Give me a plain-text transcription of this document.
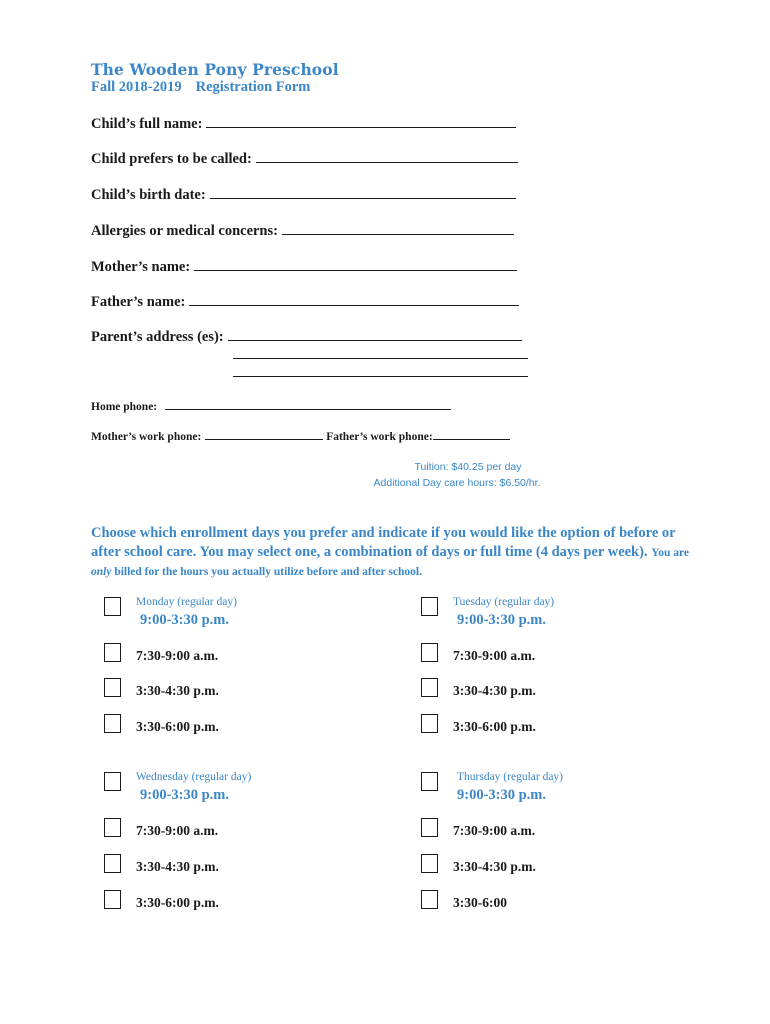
The Wooden Pony Preschool
Fall 2018-2019 Registration Form
Child’s full name:
Child prefers to be called:
Child’s birth date:
Allergies or medical concerns:
Mother’s name:
Father’s name:
Parent’s address (es):
Home phone:
Mother’s work phone:	Father’s work phone:
Tuition: $40.25 per day
Additional Day care hours: $6.50/hr.
Choose which enrollment days you prefer and indicate if you would like the option of before or after school care. You may select one, a combination of days or full time (4 days per week). You are only billed for the hours you actually utilize before and after school.
Monday (regular day)
9:00-3:30 p.m.
7:30-9:00 a.m.
3:30-4:30 p.m.
3:30-6:00 p.m.
Tuesday (regular day)
9:00-3:30 p.m.
7:30-9:00 a.m.
3:30-4:30 p.m.
3:30-6:00 p.m.
Wednesday (regular day)
9:00-3:30 p.m.
7:30-9:00 a.m.
3:30-4:30 p.m.
3:30-6:00 p.m.
Thursday (regular day)
9:00-3:30 p.m.
7:30-9:00 a.m.
3:30-4:30 p.m.
3:30-6:00
